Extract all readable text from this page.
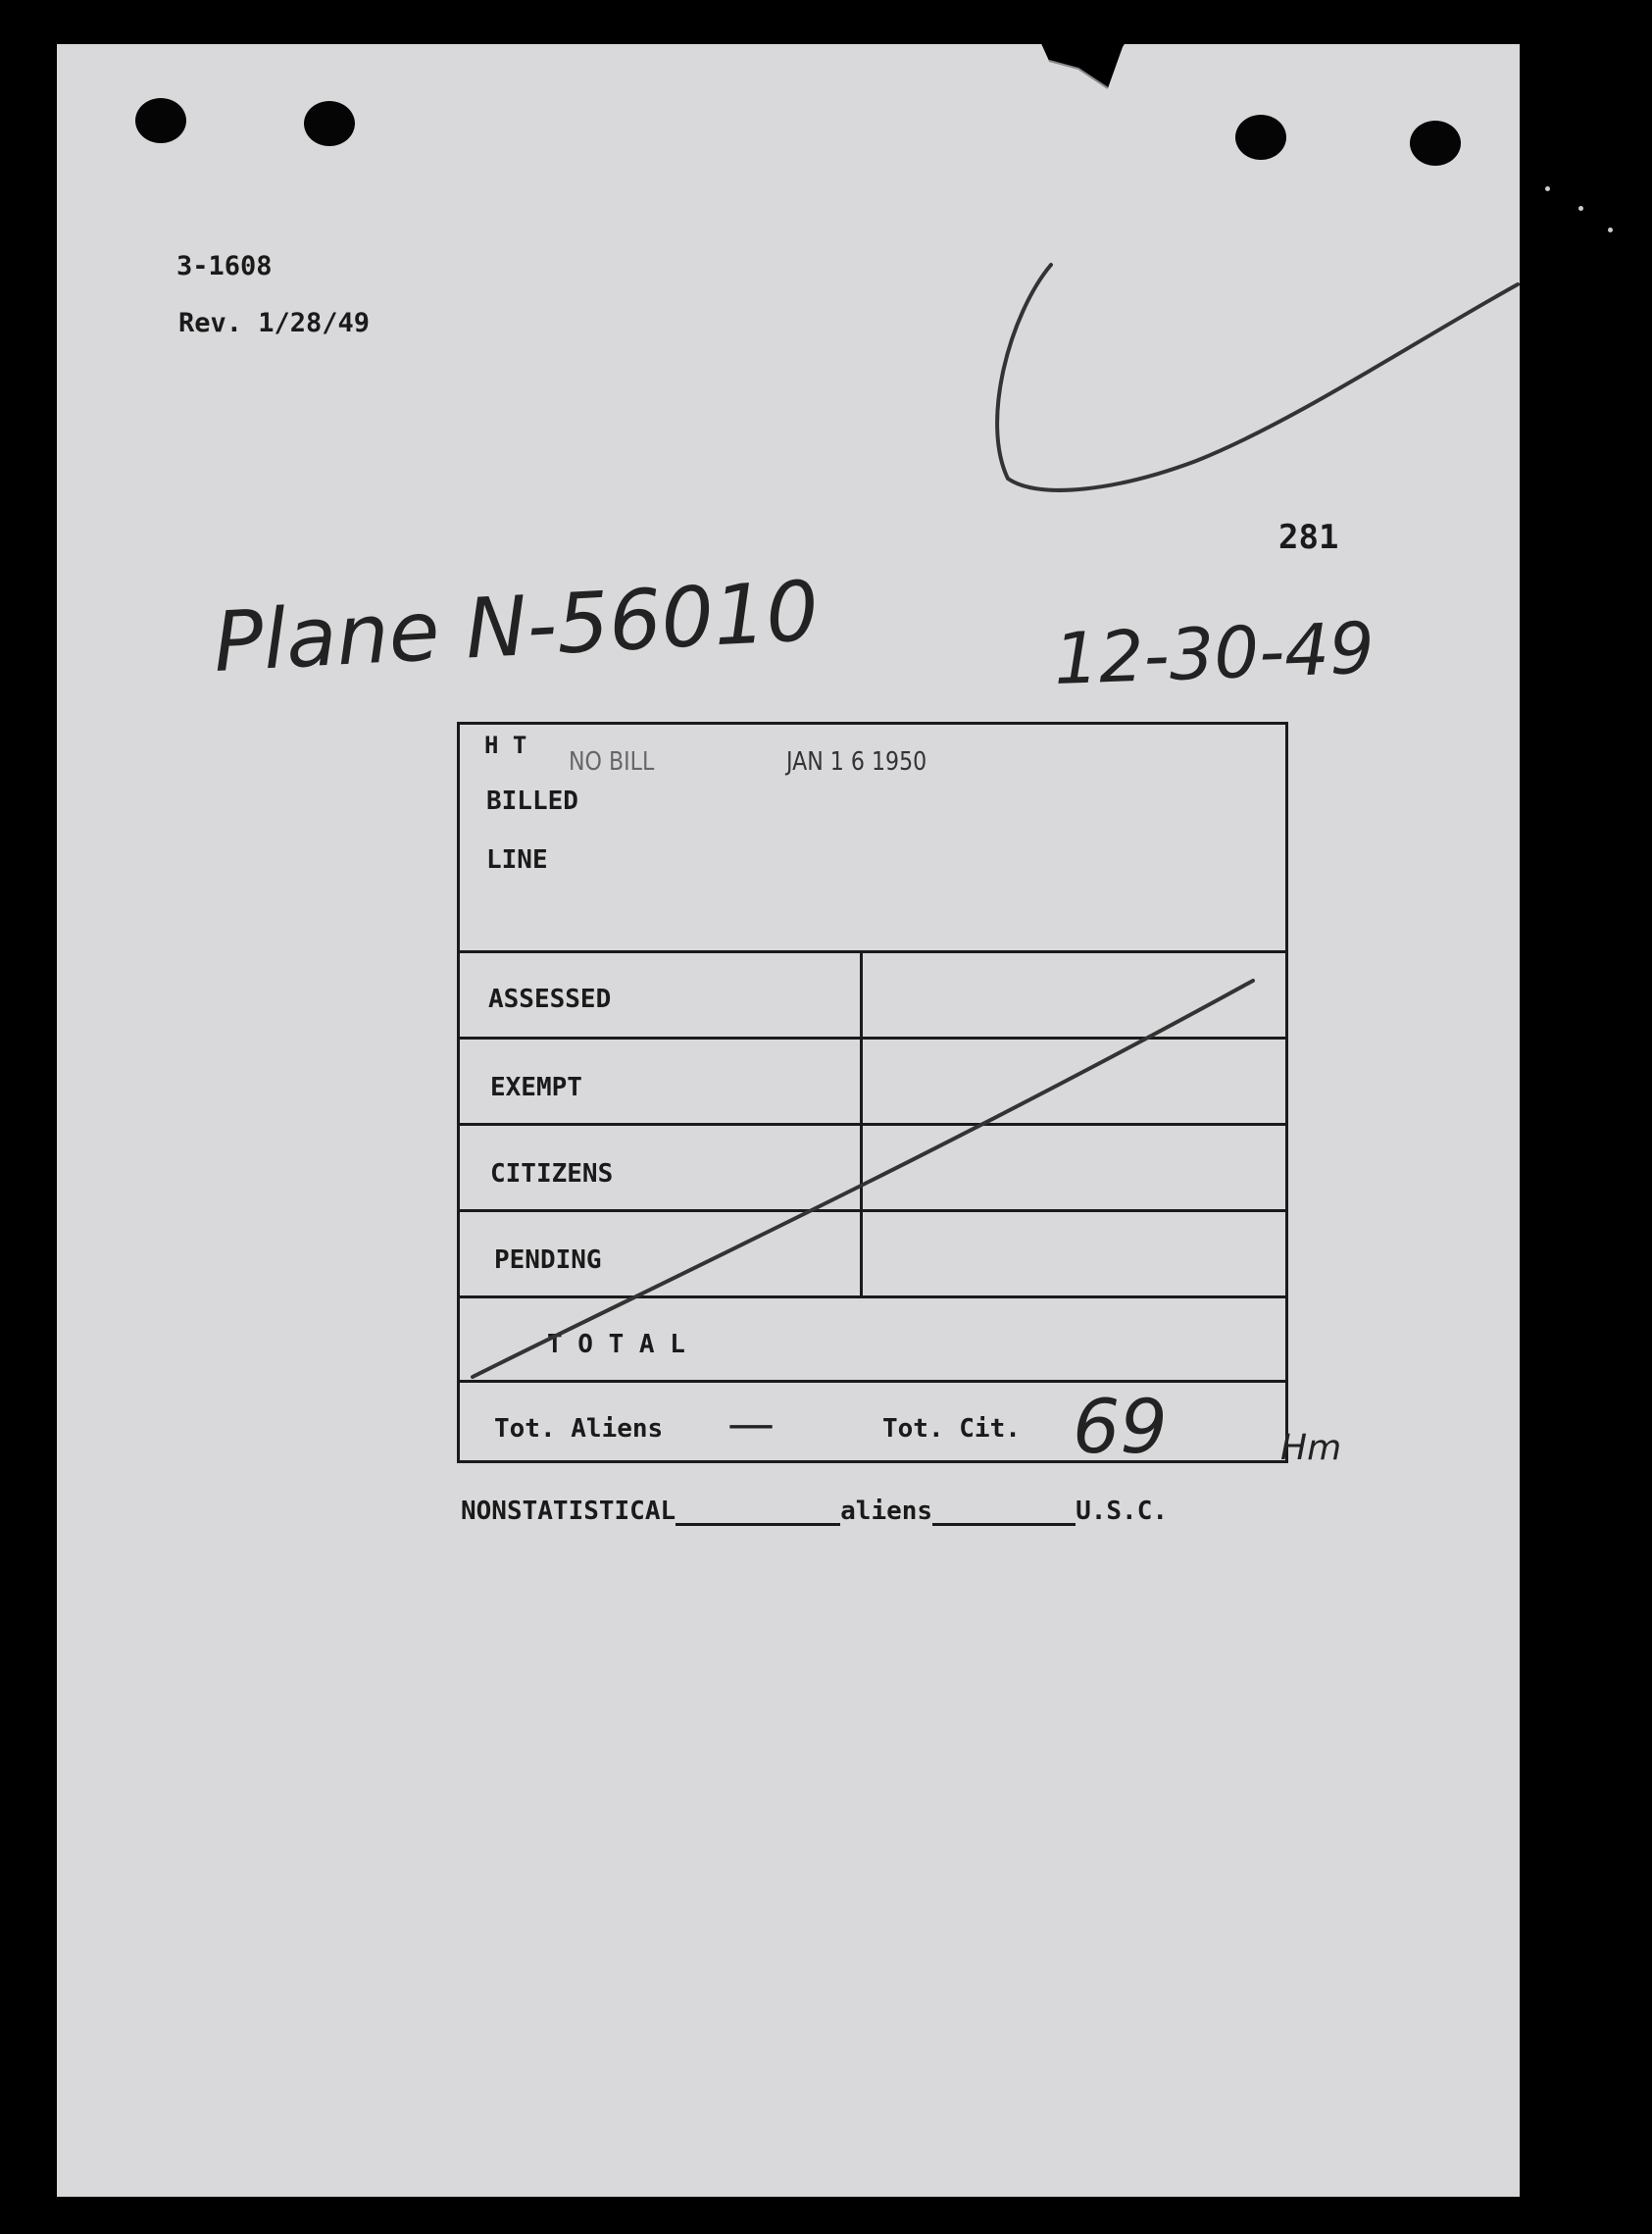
3-1608
Rev. 1/28/49
281
Plane N-56010	12-30-49
H T
NO BILL	JAN 1 6 1950
BILLED
LINE
ASSESSED
EXEMPT
CITIZENS
PENDING
T O T A L
Tot. Aliens —	Tot. Cit. 69	Hm
NONSTATISTICAL	aliens	U.S.C.
